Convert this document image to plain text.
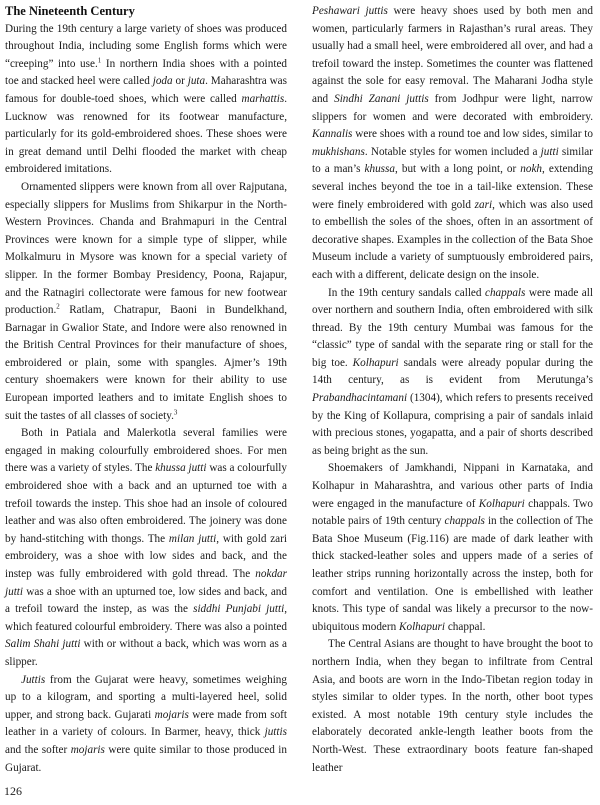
The Nineteenth Century

During the 19th century a large variety of shoes was produced throughout India, including some English forms which were “creeping” into use.$^1$ In northern India shoes with a pointed toe and stacked heel were called joda or juta. Maharashtra was famous for double-toed shoes, which were called marhattis. Lucknow was renowned for its footwear manufacture, particularly for its gold-embroidered shoes. These shoes were in great demand until Delhi flooded the market with cheap embroidered imitations.

Ornamented slippers were known from all over Rajputana, especially slippers for Muslims from Shikarpur in the North-Western Provinces. Chanda and Brahmapuri in the Central Provinces were known for a simple type of slipper, while Molkalmuru in Mysore was known for a special variety of slipper. In the former Bombay Presidency, Poona, Rajapur, and the Ratnagiri collectorate were famous for new footwear production.$^2$ Ratlam, Chatrapur, Baoni in Bundelkhand, Barnagar in Gwalior State, and Indore were also renowned in the British Central Provinces for their manufacture of shoes, embroidered or plain, some with spangles. Ajmer’s 19th century shoemakers were known for their ability to use European imported leathers and to imitate English shoes to suit the tastes of all classes of society.$^3$

Both in Patiala and Malerkotla several families were engaged in making colourfully embroidered shoes. For men there was a variety of styles. The khussa jutti was a colourfully embroidered shoe with a back and an upturned toe with a trefoil towards the instep. This shoe had an insole of coloured leather and was also often embroidered. The joinery was done by hand-stitching with thongs. The milan jutti, with gold zari embroidery, was a shoe with low sides and back, and the instep was fully embroidered with gold thread. The nokdar jutti was a shoe with an upturned toe, low sides and back, and a trefoil toward the instep, as was the siddhi Punjabi jutti, which featured colourful embroidery. There was also a pointed Salim Shahi jutti with or without a back, which was worn as a slipper.

Juttis from the Gujarat were heavy, sometimes weighing up to a kilogram, and sporting a multi-layered heel, solid upper, and strong back. Gujarati mojaris were made from soft leather in a variety of colours. In Barmer, heavy, thick juttis and the softer mojaris were quite similar to those produced in Gujarat.

Peshawari juttis were heavy shoes used by both men and women, particularly farmers in Rajasthan’s rural areas. They usually had a small heel, were embroidered all over, and had a trefoil toward the instep. Sometimes the counter was flattened against the sole for easy removal. The Maharani Jodha style and Sindhi Zanani juttis from Jodhpur were light, narrow slippers for women and were decorated with embroidery. Kannalis were shoes with a round toe and low sides, similar to mukhishans. Notable styles for women included a jutti similar to a man’s khussa, but with a long point, or nokh, extending several inches beyond the toe in a tail-like extension. These were finely embroidered with gold zari, which was also used to embellish the soles of the shoes, often in an assortment of decorative shapes. Examples in the collection of the Bata Shoe Museum include a variety of sumptuously embroidered pairs, each with a different, delicate design on the insole.

In the 19th century sandals called chappals were made all over northern and southern India, often embroidered with silk thread. By the 19th century Mumbai was famous for the “classic” type of sandal with the separate ring or stall for the big toe. Kolhapuri sandals were already popular during the 14th century, as is evident from Merutunga’s Prabandhacintamani (1304), which refers to presents received by the King of Kollapura, comprising a pair of sandals inlaid with precious stones, yogapatta, and a pair of shorts described as being bright as the sun.

Shoemakers of Jamkhandi, Nippani in Karnataka, and Kolhapur in Maharashtra, and various other parts of India were engaged in the manufacture of Kolhapuri chappals. Two notable pairs of 19th century chappals in the collection of The Bata Shoe Museum (Fig.116) are made of dark leather with thick stacked-leather soles and uppers made of a series of leather strips running horizontally across the instep, both for comfort and ventilation. One is embellished with leather knots. This type of sandal was likely a precursor to the now-ubiquitous modern Kolhapuri chappal.

The Central Asians are thought to have brought the boot to northern India, when they began to infiltrate from Central Asia, and boots are worn in the Indo-Tibetan region today in styles similar to older types. In the north, other boot types existed. A most notable 19th century style includes the elaborately decorated ankle-length leather boots from the North-West. These extraordinary boots feature fan-shaped leather

126
